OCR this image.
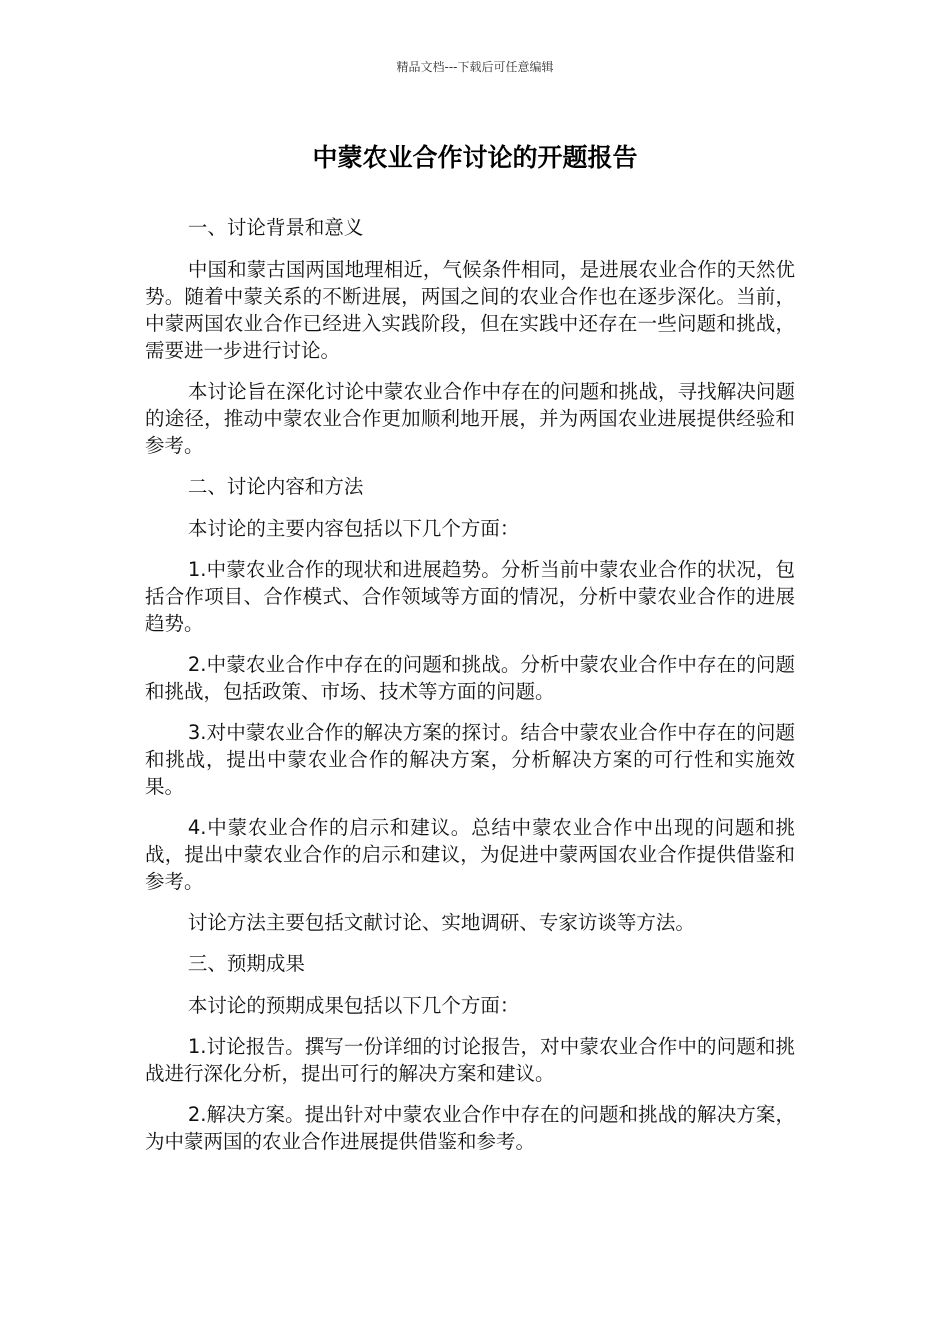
精品文档---下载后可任意编辑
中蒙农业合作讨论的开题报告

一、讨论背景和意义

中国和蒙古国两国地理相近，气候条件相同，是进展农业合作的天然优势。随着中蒙关系的不断进展，两国之间的农业合作也在逐步深化。当前，中蒙两国农业合作已经进入实践阶段，但在实践中还存在一些问题和挑战，需要进一步进行讨论。

本讨论旨在深化讨论中蒙农业合作中存在的问题和挑战，寻找解决问题的途径，推动中蒙农业合作更加顺利地开展，并为两国农业进展提供经验和参考。

二、讨论内容和方法

本讨论的主要内容包括以下几个方面：

1.中蒙农业合作的现状和进展趋势。分析当前中蒙农业合作的状况，包括合作项目、合作模式、合作领域等方面的情况，分析中蒙农业合作的进展趋势。

2.中蒙农业合作中存在的问题和挑战。分析中蒙农业合作中存在的问题和挑战，包括政策、市场、技术等方面的问题。

3.对中蒙农业合作的解决方案的探讨。结合中蒙农业合作中存在的问题和挑战，提出中蒙农业合作的解决方案，分析解决方案的可行性和实施效果。

4.中蒙农业合作的启示和建议。总结中蒙农业合作中出现的问题和挑战，提出中蒙农业合作的启示和建议，为促进中蒙两国农业合作提供借鉴和参考。

讨论方法主要包括文献讨论、实地调研、专家访谈等方法。

三、预期成果

本讨论的预期成果包括以下几个方面：

1.讨论报告。撰写一份详细的讨论报告，对中蒙农业合作中的问题和挑战进行深化分析，提出可行的解决方案和建议。

2.解决方案。提出针对中蒙农业合作中存在的问题和挑战的解决方案，为中蒙两国的农业合作进展提供借鉴和参考。
